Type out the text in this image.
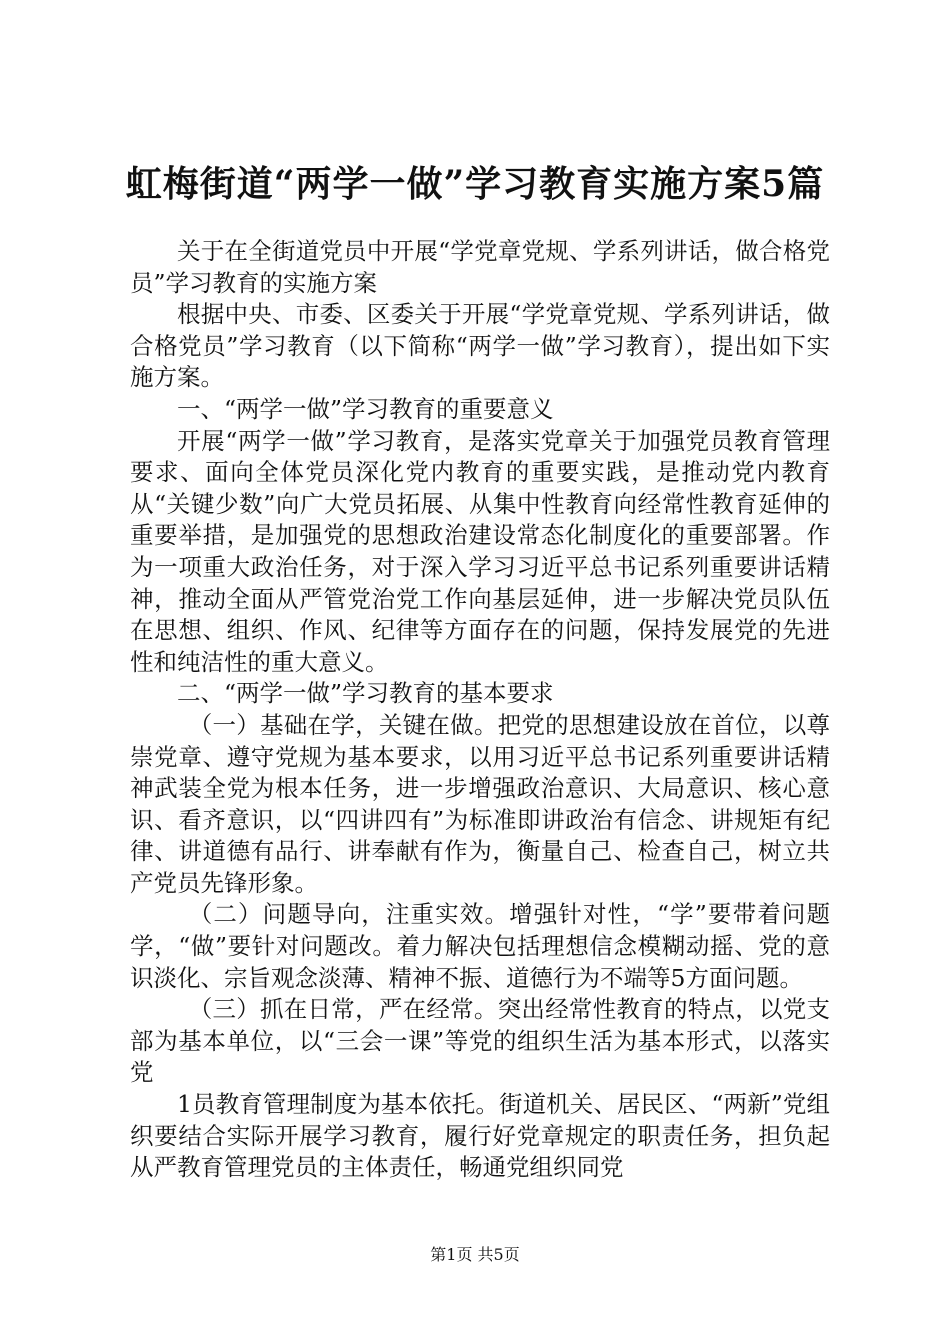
虹梅街道“两学一做”学习教育实施方案5篇

关于在全街道党员中开展“学党章党规、学系列讲话，做合格党员”学习教育的实施方案

根据中央、市委、区委关于开展“学党章党规、学系列讲话，做合格党员”学习教育（以下简称“两学一做”学习教育），提出如下实施方案。

一、“两学一做”学习教育的重要意义

开展“两学一做”学习教育，是落实党章关于加强党员教育管理要求、面向全体党员深化党内教育的重要实践，是推动党内教育从“关键少数”向广大党员拓展、从集中性教育向经常性教育延伸的重要举措，是加强党的思想政治建设常态化制度化的重要部署。作为一项重大政治任务，对于深入学习习近平总书记系列重要讲话精神，推动全面从严管党治党工作向基层延伸，进一步解决党员队伍在思想、组织、作风、纪律等方面存在的问题，保持发展党的先进性和纯洁性的重大意义。

二、“两学一做”学习教育的基本要求

（一）基础在学，关键在做。把党的思想建设放在首位，以尊崇党章、遵守党规为基本要求，以用习近平总书记系列重要讲话精神武装全党为根本任务，进一步增强政治意识、大局意识、核心意识、看齐意识，以“四讲四有”为标准即讲政治有信念、讲规矩有纪律、讲道德有品行、讲奉献有作为，衡量自己、检查自己，树立共产党员先锋形象。

（二）问题导向，注重实效。增强针对性，“学”要带着问题学，“做”要针对问题改。着力解决包括理想信念模糊动摇、党的意识淡化、宗旨观念淡薄、精神不振、道德行为不端等5方面问题。

（三）抓在日常，严在经常。突出经常性教育的特点，以党支部为基本单位，以“三会一课”等党的组织生活为基本形式，以落实党

1员教育管理制度为基本依托。街道机关、居民区、“两新”党组织要结合实际开展学习教育，履行好党章规定的职责任务，担负起从严教育管理党员的主体责任，畅通党组织同党

第1页 共5页
